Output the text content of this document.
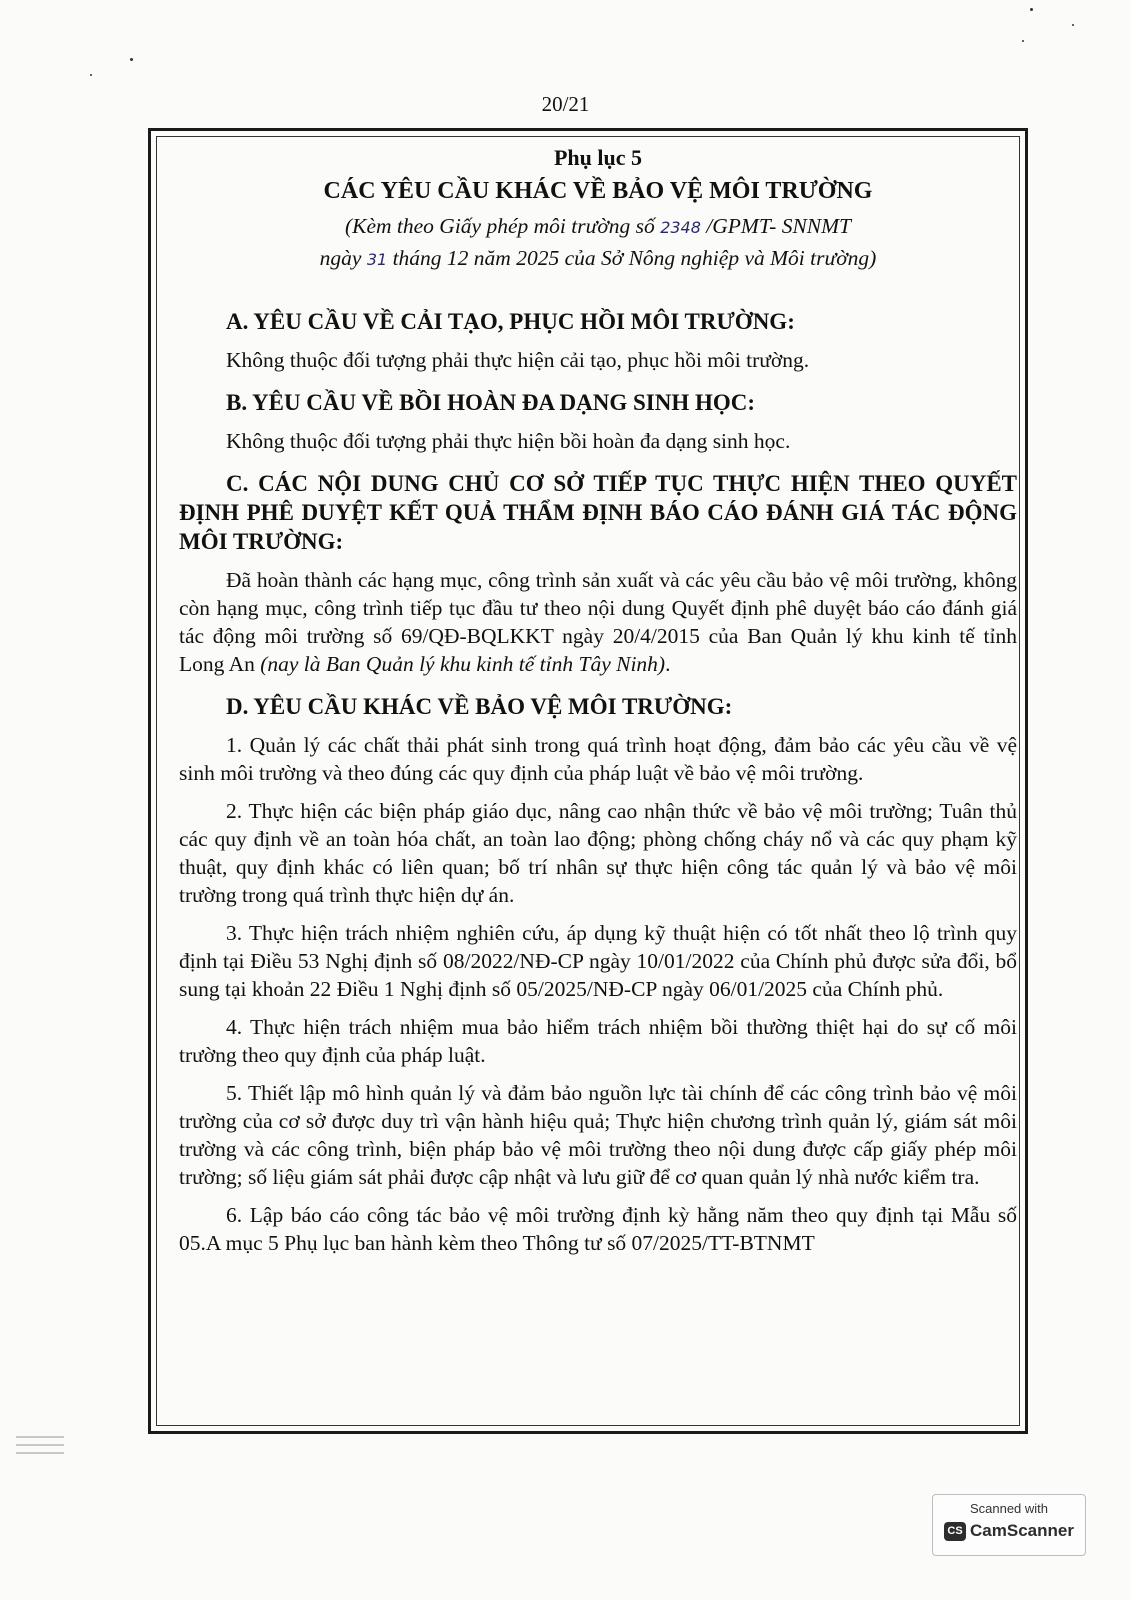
20/21
Phụ lục 5
CÁC YÊU CẦU KHÁC VỀ BẢO VỆ MÔI TRƯỜNG
(Kèm theo Giấy phép môi trường số 2348 /GPMT- SNNMT
ngày 31 tháng 12 năm 2025 của Sở Nông nghiệp và Môi trường)
A. YÊU CẦU VỀ CẢI TẠO, PHỤC HỒI MÔI TRƯỜNG:
Không thuộc đối tượng phải thực hiện cải tạo, phục hồi môi trường.
B. YÊU CẦU VỀ BỒI HOÀN ĐA DẠNG SINH HỌC:
Không thuộc đối tượng phải thực hiện bồi hoàn đa dạng sinh học.
C. CÁC NỘI DUNG CHỦ CƠ SỞ TIẾP TỤC THỰC HIỆN THEO QUYẾT ĐỊNH PHÊ DUYỆT KẾT QUẢ THẨM ĐỊNH BÁO CÁO ĐÁNH GIÁ TÁC ĐỘNG MÔI TRƯỜNG:
Đã hoàn thành các hạng mục, công trình sản xuất và các yêu cầu bảo vệ môi trường, không còn hạng mục, công trình tiếp tục đầu tư theo nội dung Quyết định phê duyệt báo cáo đánh giá tác động môi trường số 69/QĐ-BQLKKT ngày 20/4/2015 của Ban Quản lý khu kinh tế tỉnh Long An (nay là Ban Quản lý khu kinh tế tỉnh Tây Ninh).
D. YÊU CẦU KHÁC VỀ BẢO VỆ MÔI TRƯỜNG:
1. Quản lý các chất thải phát sinh trong quá trình hoạt động, đảm bảo các yêu cầu về vệ sinh môi trường và theo đúng các quy định của pháp luật về bảo vệ môi trường.
2. Thực hiện các biện pháp giáo dục, nâng cao nhận thức về bảo vệ môi trường; Tuân thủ các quy định về an toàn hóa chất, an toàn lao động; phòng chống cháy nổ và các quy phạm kỹ thuật, quy định khác có liên quan; bố trí nhân sự thực hiện công tác quản lý và bảo vệ môi trường trong quá trình thực hiện dự án.
3. Thực hiện trách nhiệm nghiên cứu, áp dụng kỹ thuật hiện có tốt nhất theo lộ trình quy định tại Điều 53 Nghị định số 08/2022/NĐ-CP ngày 10/01/2022 của Chính phủ được sửa đổi, bổ sung tại khoản 22 Điều 1 Nghị định số 05/2025/NĐ-CP ngày 06/01/2025 của Chính phủ.
4. Thực hiện trách nhiệm mua bảo hiểm trách nhiệm bồi thường thiệt hại do sự cố môi trường theo quy định của pháp luật.
5. Thiết lập mô hình quản lý và đảm bảo nguồn lực tài chính để các công trình bảo vệ môi trường của cơ sở được duy trì vận hành hiệu quả; Thực hiện chương trình quản lý, giám sát môi trường và các công trình, biện pháp bảo vệ môi trường theo nội dung được cấp giấy phép môi trường; số liệu giám sát phải được cập nhật và lưu giữ để cơ quan quản lý nhà nước kiểm tra.
6. Lập báo cáo công tác bảo vệ môi trường định kỳ hằng năm theo quy định tại Mẫu số 05.A mục 5 Phụ lục ban hành kèm theo Thông tư số 07/2025/TT-BTNMT
Scanned with
CS CamScanner
